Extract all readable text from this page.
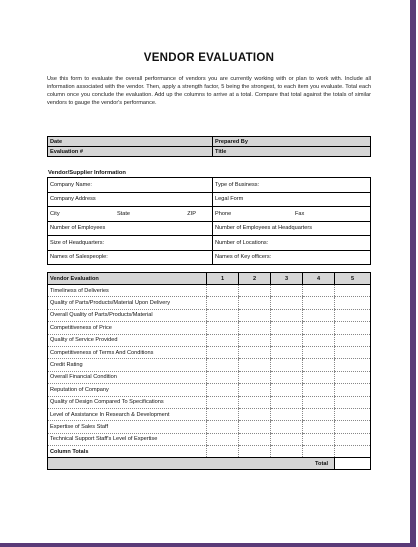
VENDOR EVALUATION
Use this form to evaluate the overall performance of vendors you are currently working with or plan to work with. Include all information associated with the vendor. Then, apply a strength factor, 5 being the strongest, to each item you evaluate. Total each column once you conclude the evaluation. Add up the columns to arrive at a total. Compare that total against the totals of similar vendors to gauge the vendor's performance.
Date	Prepared By
Evaluation #	Title
Vendor/Supplier Information
Company Name:	Type of Business:
Company Address	Legal Form

City State ZIP	Phone Fax

Number of Employees	Number of Employees at Headquarters
Size of Headquarters:	Number of Locations:
Names of Salespeople:	Names of Key officers:
Vendor Evaluation	1	2	3	4	5
Timeliness of Deliveries					
Quality of Parts/Products/Material Upon Delivery					
Overall Quality of Parts/Products/Material					
Competitiveness of Price					
Quality of Service Provided					
Competitiveness of Terms And Conditions					
Credit Rating					
Overall Financial Condition					
Reputation of Company					
Quality of Design Compared To Specifications					
Level of Assistance In Research & Development					
Expertise of Sales Staff					
Technical Support Staff's Level of Expertise					
Column Totals					
Total					
